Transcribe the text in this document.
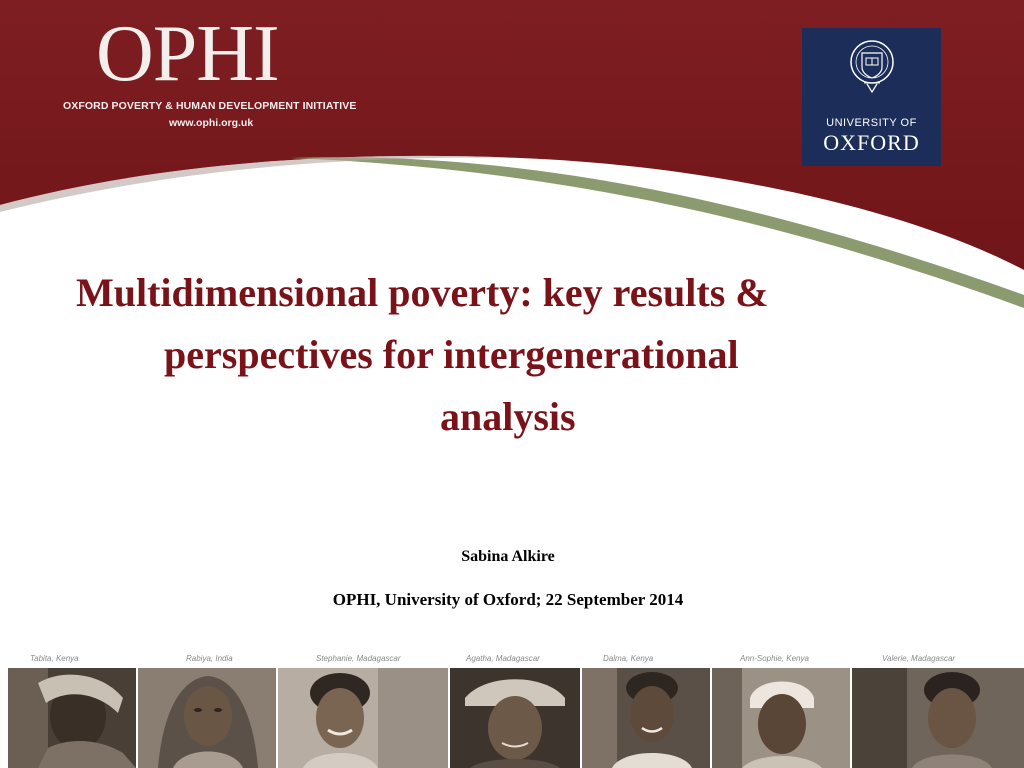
OPHI
OXFORD POVERTY & HUMAN DEVELOPMENT INITIATIVE
www.ophi.org.uk	UNIVERSITY OF
OXFORD
Multidimensional poverty: key results &
perspectives for intergenerational
analysis
Sabina Alkire
OPHI, University of Oxford; 22 September 2014
Tabita, Kenya	Rabiya, India	Stephanie, Madagascar	Agatha, Madagascar	Dalma, Kenya	Ann-Sophie, Kenya	Valerie, Madagascar
